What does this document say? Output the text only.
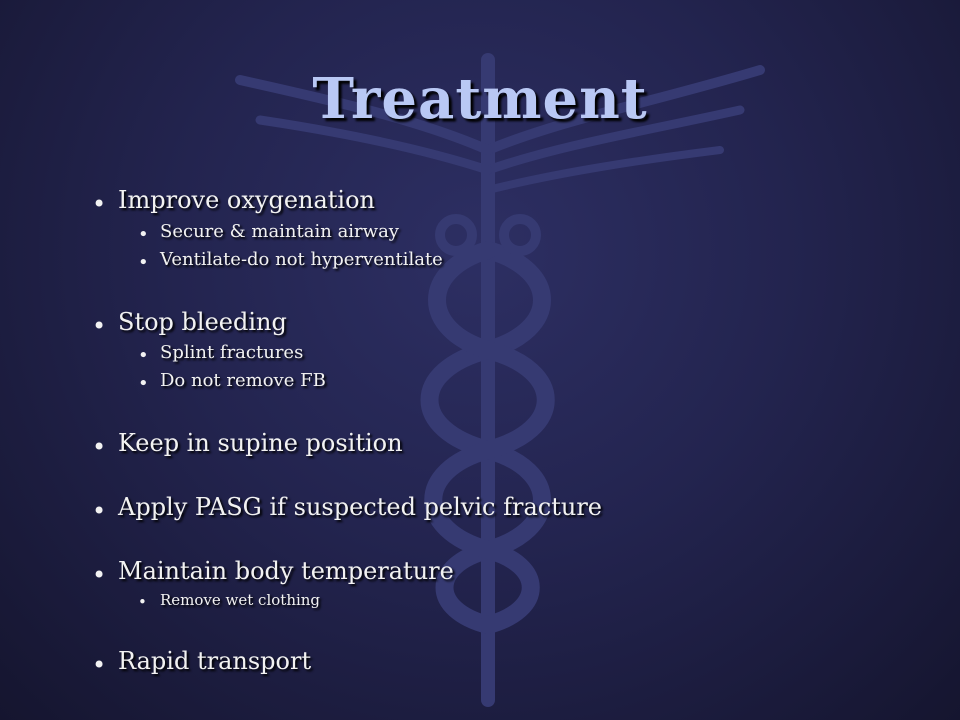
Treatment
• Improve oxygenation
• Secure & maintain airway
• Ventilate-do not hyperventilate
• Stop bleeding
• Splint fractures
• Do not remove FB
• Keep in supine position
• Apply PASG if suspected pelvic fracture
• Maintain body temperature
• Remove wet clothing
• Rapid transport
